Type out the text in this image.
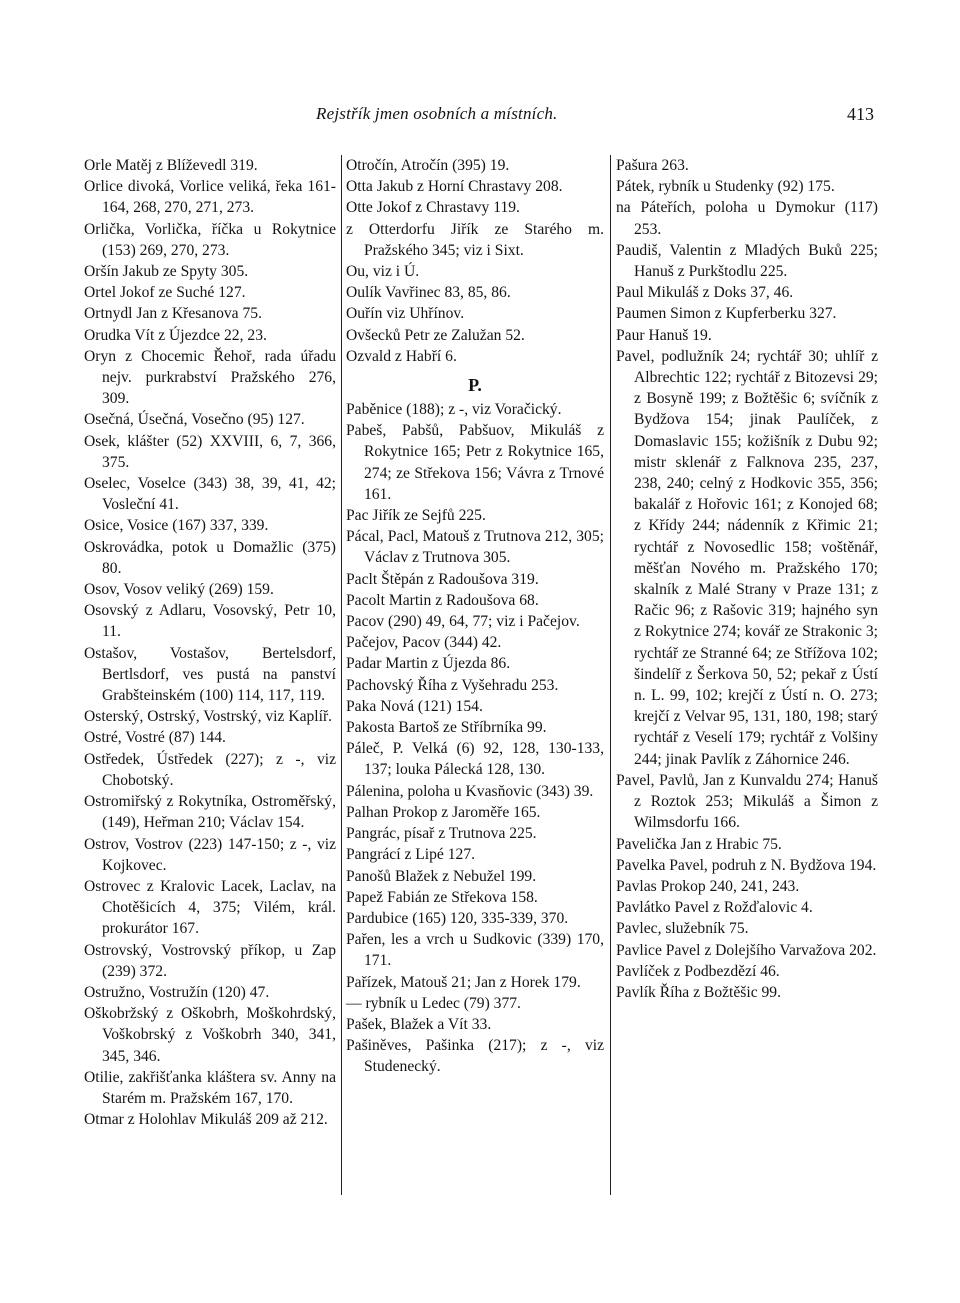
Rejstřík jmen osobních a místních.	413

Orle Matěj z Blíževedl 319.

Orlice divoká, Vorlice veliká, řeka 161-164, 268, 270, 271, 273.

Orlička, Vorlička, říčka u Rokytnice (153) 269, 270, 273.

Oršín Jakub ze Spyty 305.

Ortel Jokof ze Suché 127.

Ortnydl Jan z Křesanova 75.

Orudka Vít z Újezdce 22, 23.

Oryn z Chocemic Řehoř, rada úřadu nejv. purkrabství Pražského 276, 309.

Osečná, Úsečná, Vosečno (95) 127.

Osek, klášter (52) XXVIII, 6, 7, 366, 375.

Oselec, Voselce (343) 38, 39, 41, 42; Vosleční 41.

Osice, Vosice (167) 337, 339.

Oskrovádka, potok u Domažlic (375) 80.

Osov, Vosov veliký (269) 159.

Osovský z Adlaru, Vosovský, Petr 10, 11.

Ostašov, Vostašov, Bertelsdorf, Bertlsdorf, ves pustá na panství Grabšteinském (100) 114, 117, 119.

Osterský, Ostrský, Vostrský, viz Kaplíř.

Ostré, Vostré (87) 144.

Ostředek, Ústředek (227); z -, viz Chobotský.

Ostromiřský z Rokytníka, Ostroměřský, (149), Heřman 210; Václav 154.

Ostrov, Vostrov (223) 147-150; z -, viz Kojkovec.

Ostrovec z Kralovic Lacek, Laclav, na Chotěšicích 4, 375; Vilém, král. prokurátor 167.

Ostrovský, Vostrovský příkop, u Zap (239) 372.

Ostružno, Vostružín (120) 47.

Oškobržský z Oškobrh, Moškohrdský, Voškobrský z Voškobrh 340, 341, 345, 346.

Otilie, zakřišťanka kláštera sv. Anny na Starém m. Pražském 167, 170.

Otmar z Holohlav Mikuláš 209 až 212.

Otročín, Atročín (395) 19.

Otta Jakub z Horní Chrastavy 208.

Otte Jokof z Chrastavy 119.

z Otterdorfu Jiřík ze Starého m. Pražského 345; viz i Sixt.

Ou, viz i Ú.

Oulík Vavřinec 83, 85, 86.

Ouřín viz Uhřínov.

Ovšecků Petr ze Zalužan 52.

Ozvald z Habří 6.

P.

Paběnice (188); z -, viz Voračický.

Pabeš, Pabšů, Pabšuov, Mikuláš z Rokytnice 165; Petr z Rokytnice 165, 274; ze Střekova 156; Vávra z Trnové 161.

Pac Jiřík ze Sejfů 225.

Pácal, Pacl, Matouš z Trutnova 212, 305; Václav z Trutnova 305.

Paclt Štěpán z Radoušova 319.

Pacolt Martin z Radoušova 68.

Pacov (290) 49, 64, 77; viz i Pačejov.

Pačejov, Pacov (344) 42.

Padar Martin z Újezda 86.

Pachovský Říha z Vyšehradu 253.

Paka Nová (121) 154.

Pakosta Bartoš ze Stříbrníka 99.

Páleč, P. Velká (6) 92, 128, 130-133, 137; louka Pálecká 128, 130.

Pálenina, poloha u Kvasňovic (343) 39.

Palhan Prokop z Jaroměře 165.

Pangrác, písař z Trutnova 225.

Pangrácí z Lipé 127.

Panošů Blažek z Nebužel 199.

Papež Fabián ze Střekova 158.

Pardubice (165) 120, 335-339, 370.

Pařen, les a vrch u Sudkovic (339) 170, 171.

Pařízek, Matouš 21; Jan z Horek 179.

— rybník u Ledec (79) 377.

Pašek, Blažek a Vít 33.

Pašiněves, Pašinka (217); z -, viz Studenecký.

Pašura 263.

Pátek, rybník u Studenky (92) 175.

na Páteřích, poloha u Dymokur (117) 253.

Paudiš, Valentin z Mladých Buků 225; Hanuš z Purkštodlu 225.

Paul Mikuláš z Doks 37, 46.

Paumen Simon z Kupferberku 327.

Paur Hanuš 19.

Pavel, podlužník 24; rychtář 30; uhlíř z Albrechtic 122; rychtář z Bitozevsi 29; z Bosyně 199; z Božtěšic 6; svíčník z Bydžova 154; jinak Paulíček, z Domaslavic 155; kožišník z Dubu 92; mistr sklenář z Falknova 235, 237, 238, 240; celný z Hodkovic 355, 356; bakalář z Hořovic 161; z Konojed 68; z Křídy 244; nádenník z Křimic 21; rychtář z Novosedlic 158; voštěnář, měšťan Nového m. Pražského 170; skalník z Malé Strany v Praze 131; z Račic 96; z Rašovic 319; hajného syn z Rokytnice 274; kovář ze Strakonic 3; rychtář ze Stranné 64; ze Střížova 102; šindelíř z Šerkova 50, 52; pekař z Ústí n. L. 99, 102; krejčí z Ústí n. O. 273; krejčí z Velvar 95, 131, 180, 198; starý rychtář z Veselí 179; rychtář z Volšiny 244; jinak Pavlík z Záhornice 246.

Pavel, Pavlů, Jan z Kunvaldu 274; Hanuš z Roztok 253; Mikuláš a Šimon z Wilmsdorfu 166.

Pavelička Jan z Hrabic 75.

Pavelka Pavel, podruh z N. Bydžova 194.

Pavlas Prokop 240, 241, 243.

Pavlátko Pavel z Rožďalovic 4.

Pavlec, služebník 75.

Pavlice Pavel z Dolejšího Varvažova 202.

Pavlíček z Podbezdězí 46.

Pavlík Říha z Božtěšic 99.
